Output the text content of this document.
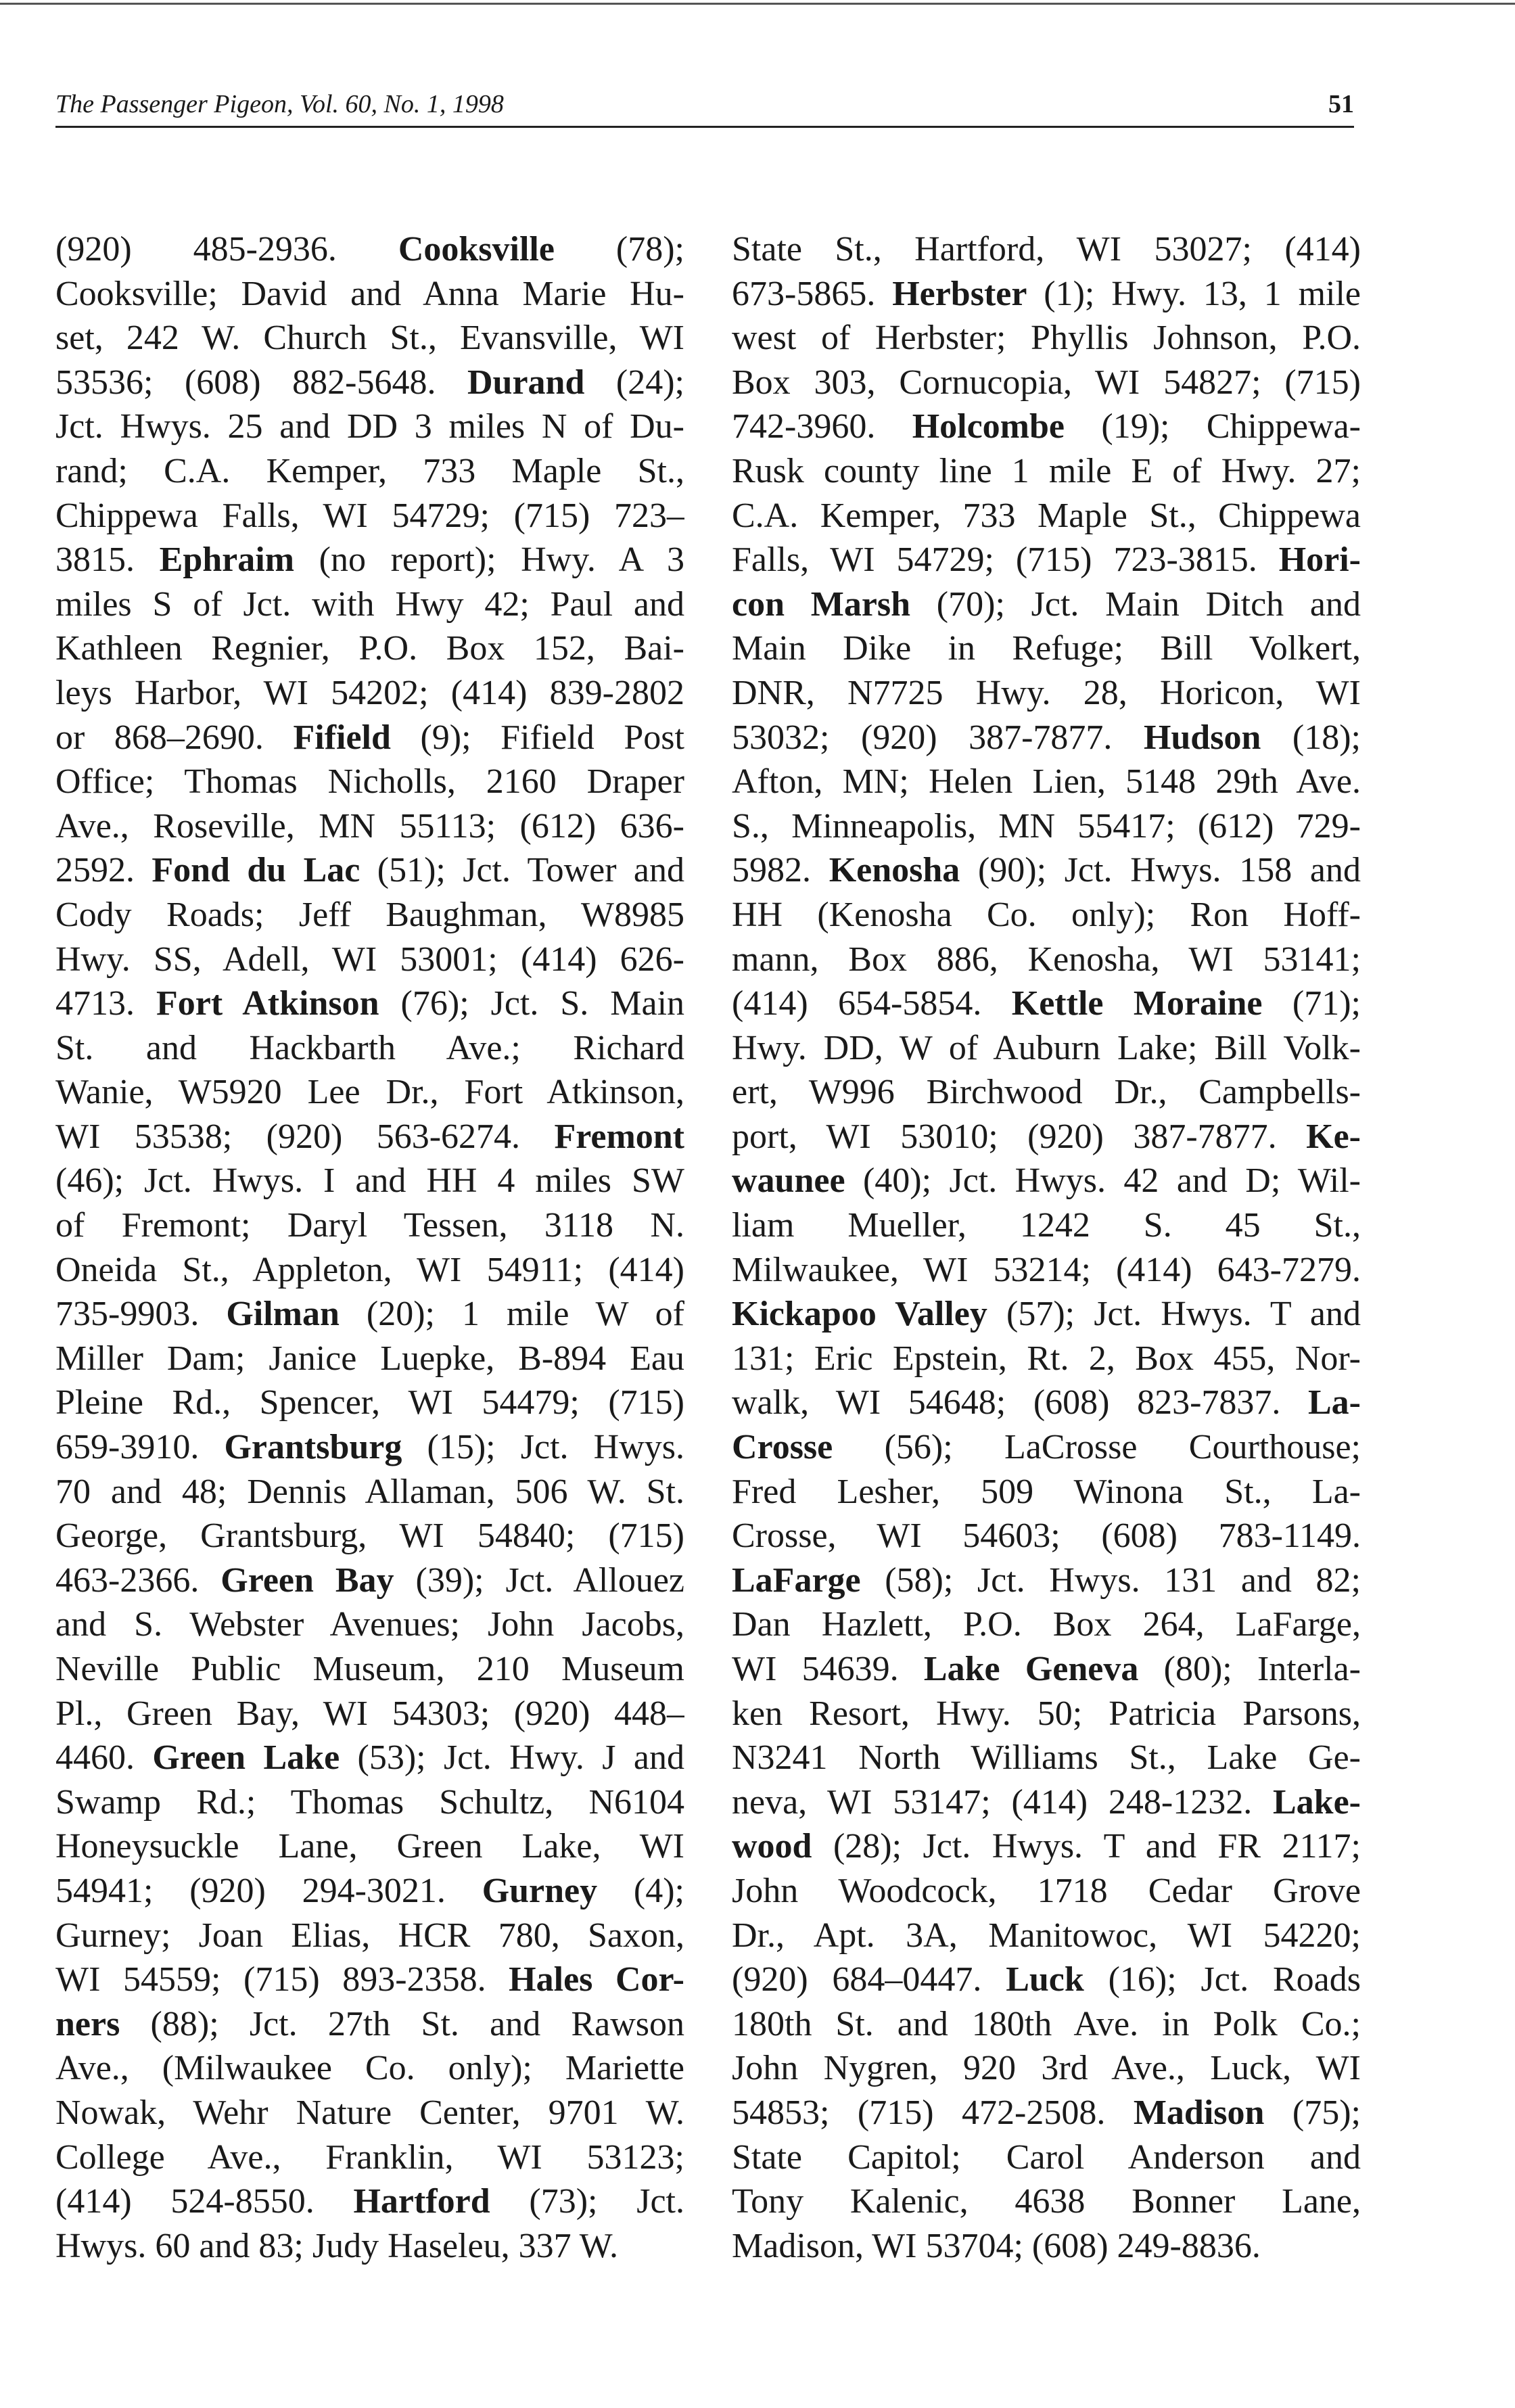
The Passenger Pigeon, Vol. 60, No. 1, 1998	51
(920) 485-2936. Cooksville (78);
Cooksville; David and Anna Marie Hu-
set, 242 W. Church St., Evansville, WI
53536; (608) 882-5648. Durand (24);
Jct. Hwys. 25 and DD 3 miles N of Du-
rand; C.A. Kemper, 733 Maple St.,
Chippewa Falls, WI 54729; (715) 723–
3815. Ephraim (no report); Hwy. A 3
miles S of Jct. with Hwy 42; Paul and
Kathleen Regnier, P.O. Box 152, Bai-
leys Harbor, WI 54202; (414) 839-2802
or 868–2690. Fifield (9); Fifield Post
Office; Thomas Nicholls, 2160 Draper
Ave., Roseville, MN 55113; (612) 636-
2592. Fond du Lac (51); Jct. Tower and
Cody Roads; Jeff Baughman, W8985
Hwy. SS, Adell, WI 53001; (414) 626-
4713. Fort Atkinson (76); Jct. S. Main
St. and Hackbarth Ave.; Richard
Wanie, W5920 Lee Dr., Fort Atkinson,
WI 53538; (920) 563-6274. Fremont
(46); Jct. Hwys. I and HH 4 miles SW
of Fremont; Daryl Tessen, 3118 N.
Oneida St., Appleton, WI 54911; (414)
735-9903. Gilman (20); 1 mile W of
Miller Dam; Janice Luepke, B-894 Eau
Pleine Rd., Spencer, WI 54479; (715)
659-3910. Grantsburg (15); Jct. Hwys.
70 and 48; Dennis Allaman, 506 W. St.
George, Grantsburg, WI 54840; (715)
463-2366. Green Bay (39); Jct. Allouez
and S. Webster Avenues; John Jacobs,
Neville Public Museum, 210 Museum
Pl., Green Bay, WI 54303; (920) 448–
4460. Green Lake (53); Jct. Hwy. J and
Swamp Rd.; Thomas Schultz, N6104
Honeysuckle Lane, Green Lake, WI
54941; (920) 294-3021. Gurney (4);
Gurney; Joan Elias, HCR 780, Saxon,
WI 54559; (715) 893-2358. Hales Cor-
ners (88); Jct. 27th St. and Rawson
Ave., (Milwaukee Co. only); Mariette
Nowak, Wehr Nature Center, 9701 W.
College Ave., Franklin, WI 53123;
(414) 524-8550. Hartford (73); Jct.
Hwys. 60 and 83; Judy Haseleu, 337 W.
State St., Hartford, WI 53027; (414)
673-5865. Herbster (1); Hwy. 13, 1 mile
west of Herbster; Phyllis Johnson, P.O.
Box 303, Cornucopia, WI 54827; (715)
742-3960. Holcombe (19); Chippewa-
Rusk county line 1 mile E of Hwy. 27;
C.A. Kemper, 733 Maple St., Chippewa
Falls, WI 54729; (715) 723-3815. Hori-
con Marsh (70); Jct. Main Ditch and
Main Dike in Refuge; Bill Volkert,
DNR, N7725 Hwy. 28, Horicon, WI
53032; (920) 387-7877. Hudson (18);
Afton, MN; Helen Lien, 5148 29th Ave.
S., Minneapolis, MN 55417; (612) 729-
5982. Kenosha (90); Jct. Hwys. 158 and
HH (Kenosha Co. only); Ron Hoff-
mann, Box 886, Kenosha, WI 53141;
(414) 654-5854. Kettle Moraine (71);
Hwy. DD, W of Auburn Lake; Bill Volk-
ert, W996 Birchwood Dr., Campbells-
port, WI 53010; (920) 387-7877. Ke-
waunee (40); Jct. Hwys. 42 and D; Wil-
liam Mueller, 1242 S. 45 St.,
Milwaukee, WI 53214; (414) 643-7279.
Kickapoo Valley (57); Jct. Hwys. T and
131; Eric Epstein, Rt. 2, Box 455, Nor-
walk, WI 54648; (608) 823-7837. La-
Crosse (56); LaCrosse Courthouse;
Fred Lesher, 509 Winona St., La-
Crosse, WI 54603; (608) 783-1149.
LaFarge (58); Jct. Hwys. 131 and 82;
Dan Hazlett, P.O. Box 264, LaFarge,
WI 54639. Lake Geneva (80); Interla-
ken Resort, Hwy. 50; Patricia Parsons,
N3241 North Williams St., Lake Ge-
neva, WI 53147; (414) 248-1232. Lake-
wood (28); Jct. Hwys. T and FR 2117;
John Woodcock, 1718 Cedar Grove
Dr., Apt. 3A, Manitowoc, WI 54220;
(920) 684–0447. Luck (16); Jct. Roads
180th St. and 180th Ave. in Polk Co.;
John Nygren, 920 3rd Ave., Luck, WI
54853; (715) 472-2508. Madison (75);
State Capitol; Carol Anderson and
Tony Kalenic, 4638 Bonner Lane,
Madison, WI 53704; (608) 249-8836.
